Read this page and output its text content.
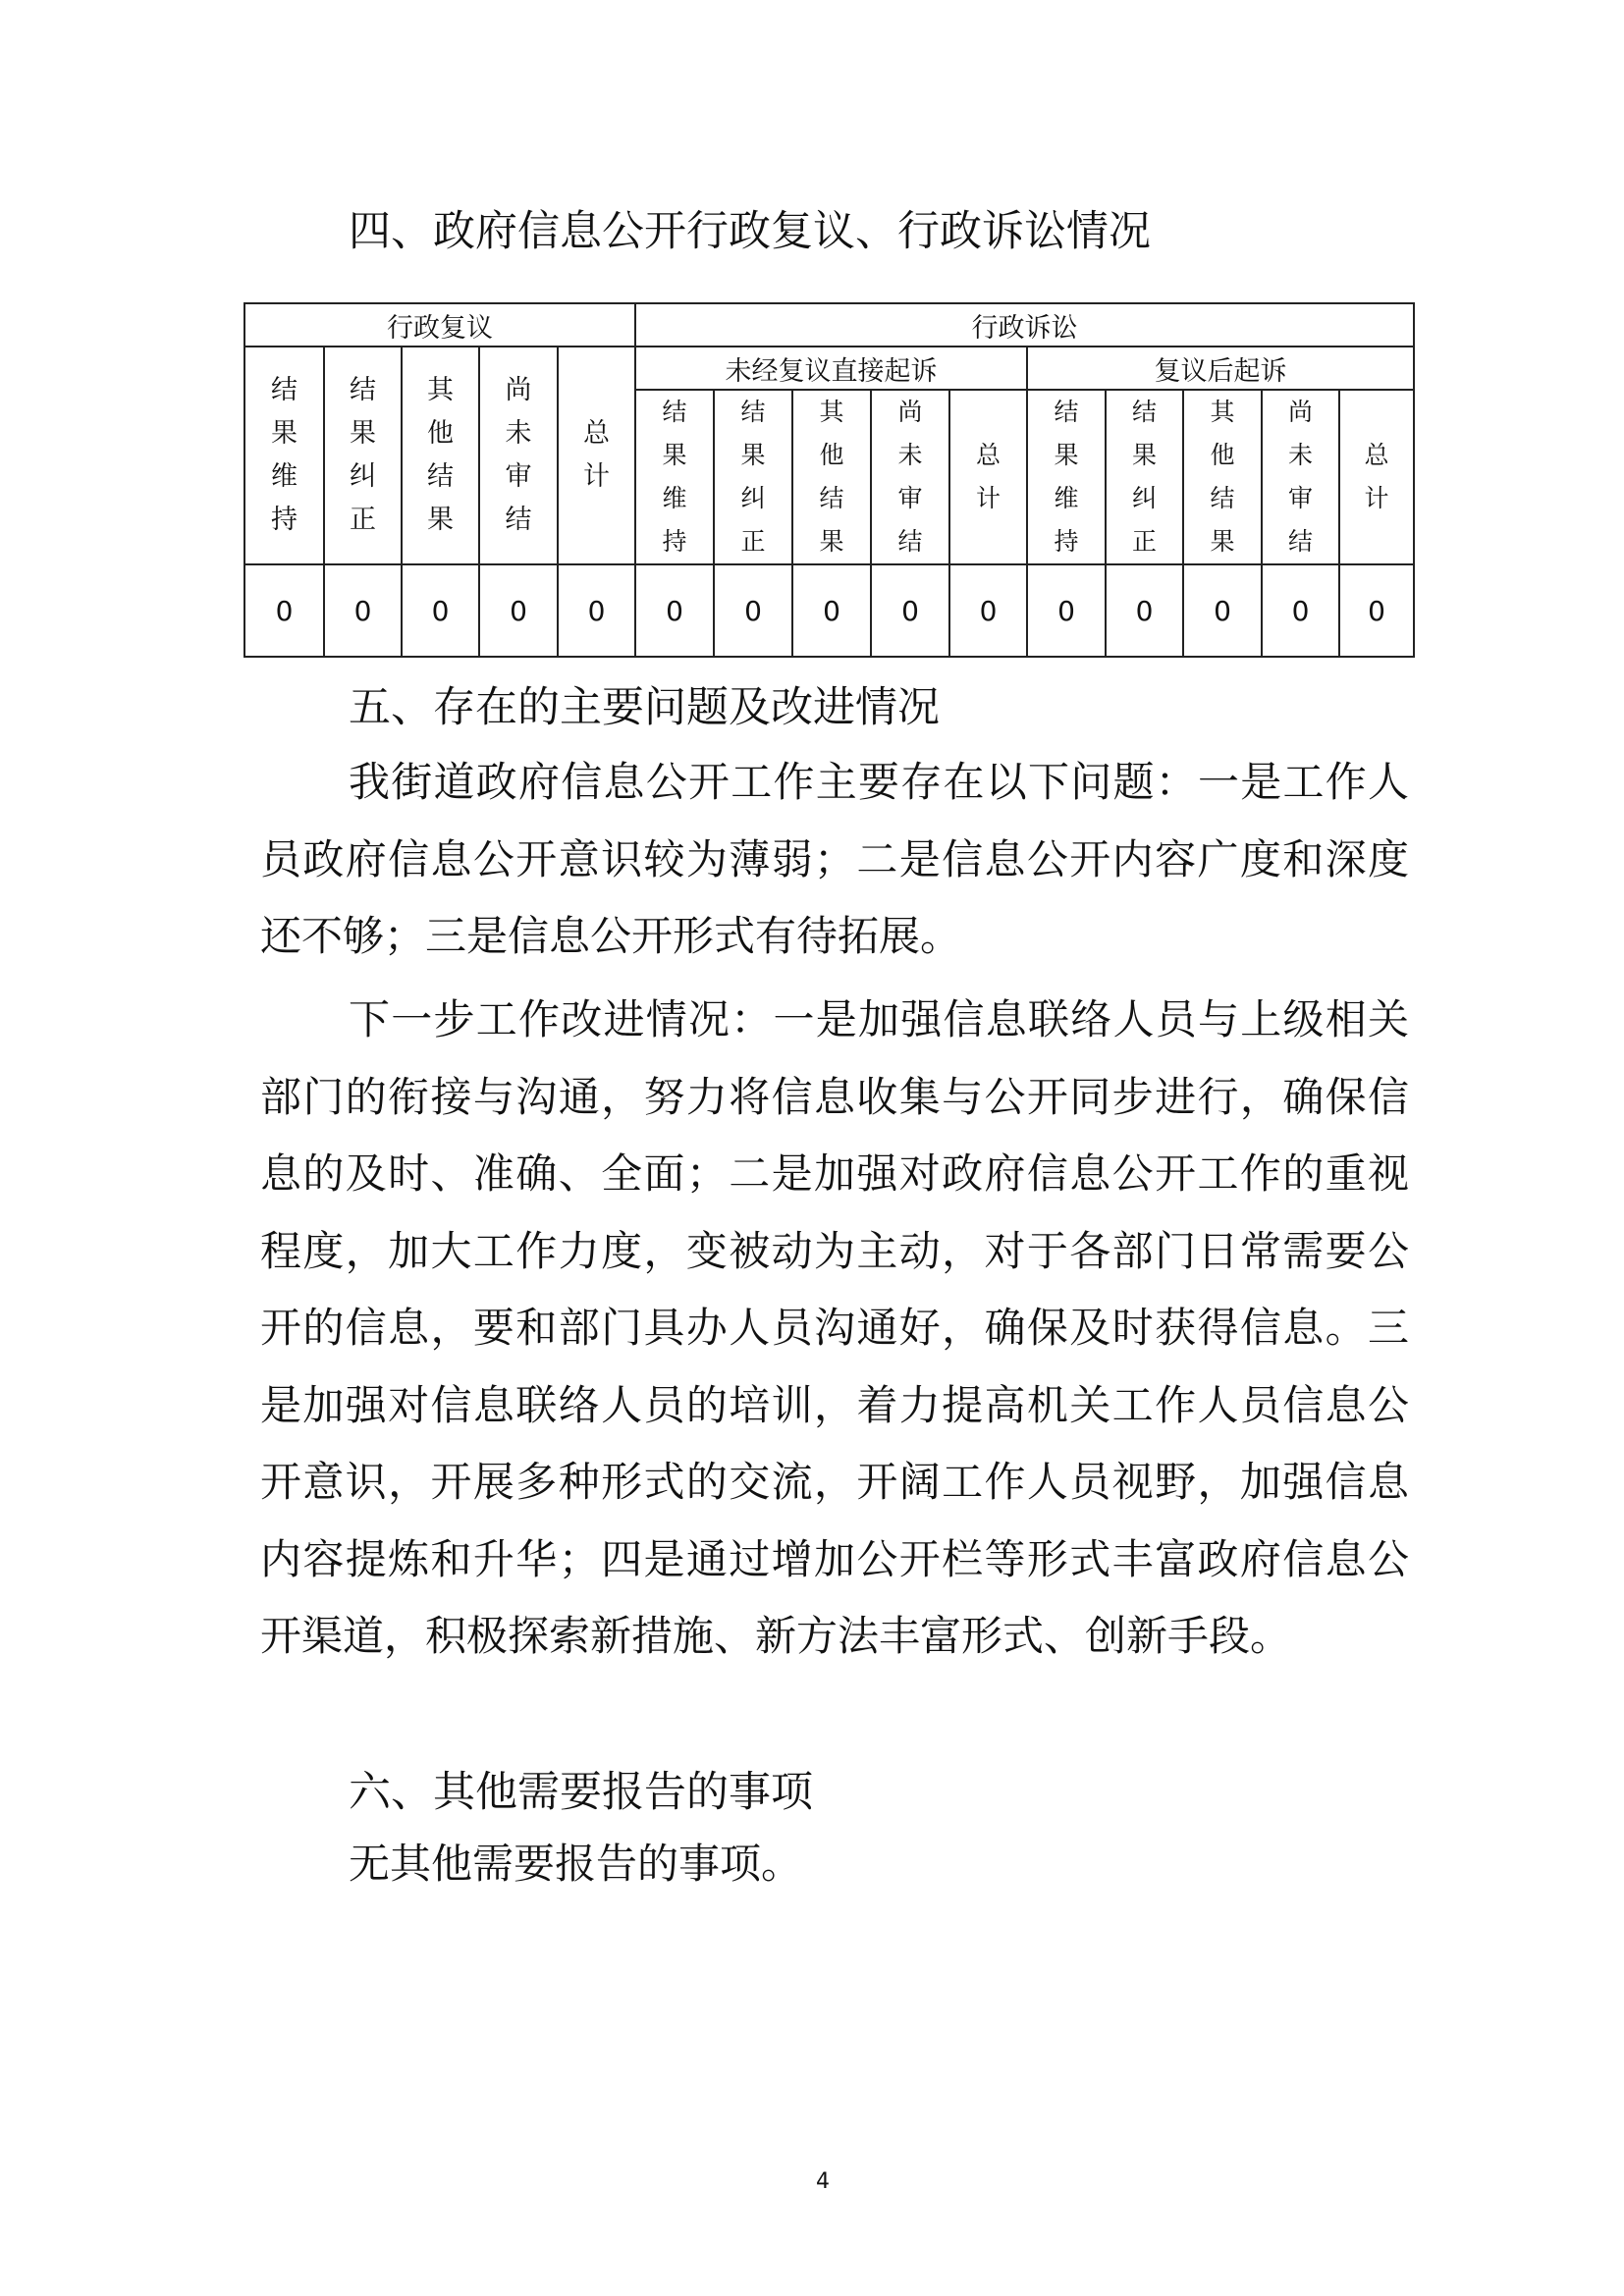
四、政府信息公开行政复议、行政诉讼情况
行政复议					行政诉讼									
结果维持	结果纠正	其他结果	尚未审结	总计	未经复议直接起诉					复议后起诉				
					结果维持	结果纠正	其他结果	尚未审结	总计	结果维持	结果纠正	其他结果	尚未审结	总计
0	0	0	0	0	0	0	0	0	0	0	0	0	0	0
五、存在的主要问题及改进情况

我街道政府信息公开工作主要存在以下问题：一是工作人员政府信息公开意识较为薄弱；二是信息公开内容广度和深度还不够；三是信息公开形式有待拓展。

下一步工作改进情况：一是加强信息联络人员与上级相关部门的衔接与沟通，努力将信息收集与公开同步进行，确保信息的及时、准确、全面；二是加强对政府信息公开工作的重视程度，加大工作力度，变被动为主动，对于各部门日常需要公开的信息，要和部门具办人员沟通好，确保及时获得信息。三是加强对信息联络人员的培训，着力提高机关工作人员信息公开意识，开展多种形式的交流，开阔工作人员视野，加强信息内容提炼和升华；四是通过增加公开栏等形式丰富政府信息公开渠道，积极探索新措施、新方法丰富形式、创新手段。

六、其他需要报告的事项

无其他需要报告的事项。

4
